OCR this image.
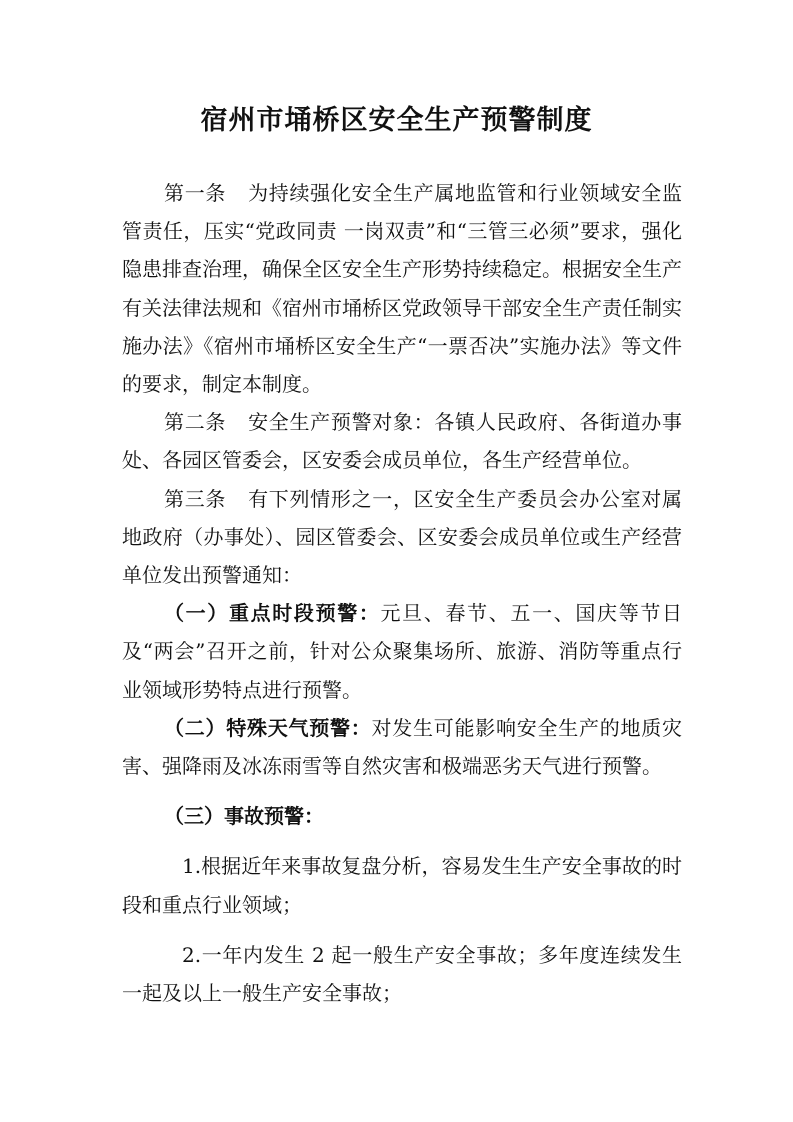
宿州市埇桥区安全生产预警制度

第一条 为持续强化安全生产属地监管和行业领域安全监管责任，压实“党政同责 一岗双责”和“三管三必须”要求，强化隐患排查治理，确保全区安全生产形势持续稳定。根据安全生产有关法律法规和《宿州市埇桥区党政领导干部安全生产责任制实施办法》《宿州市埇桥区安全生产“一票否决”实施办法》等文件的要求，制定本制度。

第二条 安全生产预警对象：各镇人民政府、各街道办事处、各园区管委会，区安委会成员单位，各生产经营单位。

第三条 有下列情形之一，区安全生产委员会办公室对属地政府（办事处）、园区管委会、区安委会成员单位或生产经营单位发出预警通知：

（一）重点时段预警：元旦、春节、五一、国庆等节日及“两会”召开之前，针对公众聚集场所、旅游、消防等重点行业领域形势特点进行预警。

（二）特殊天气预警：对发生可能影响安全生产的地质灾害、强降雨及冰冻雨雪等自然灾害和极端恶劣天气进行预警。

（三）事故预警：

1.根据近年来事故复盘分析，容易发生生产安全事故的时段和重点行业领域；

2.一年内发生 2 起一般生产安全事故；多年度连续发生一起及以上一般生产安全事故；
